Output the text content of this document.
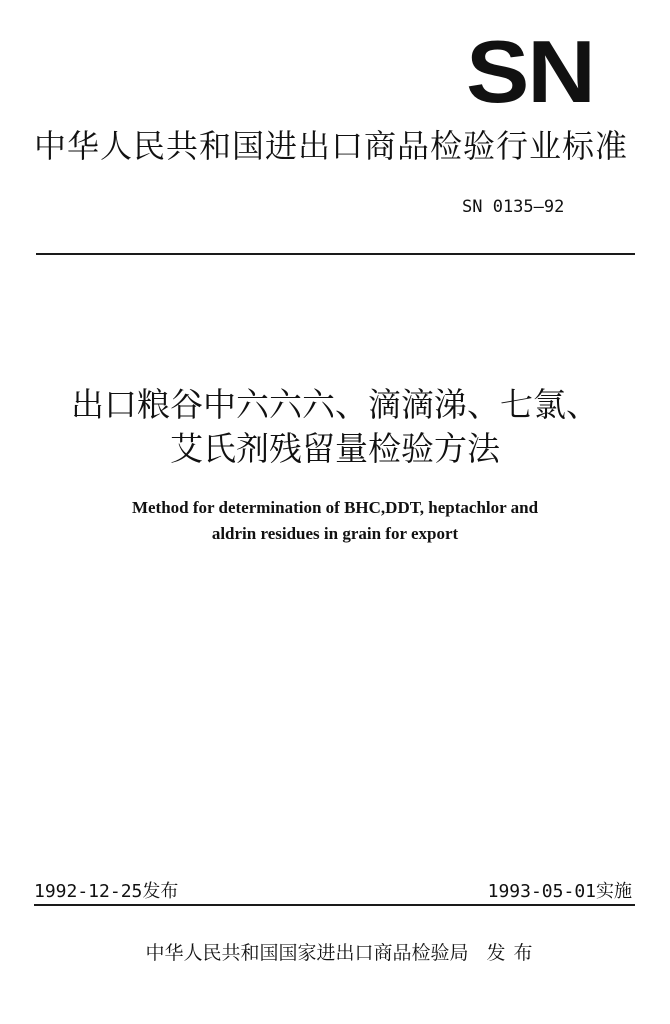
SN
中华人民共和国进出口商品检验行业标准
SN 0135—92
出口粮谷中六六六、滴滴涕、七氯、
艾氏剂残留量检验方法
Method for determination of BHC,DDT, heptachlor and
aldrin residues in grain for export
1992-12-25发布	1993-05-01实施
中华人民共和国国家进出口商品检验局 发布
